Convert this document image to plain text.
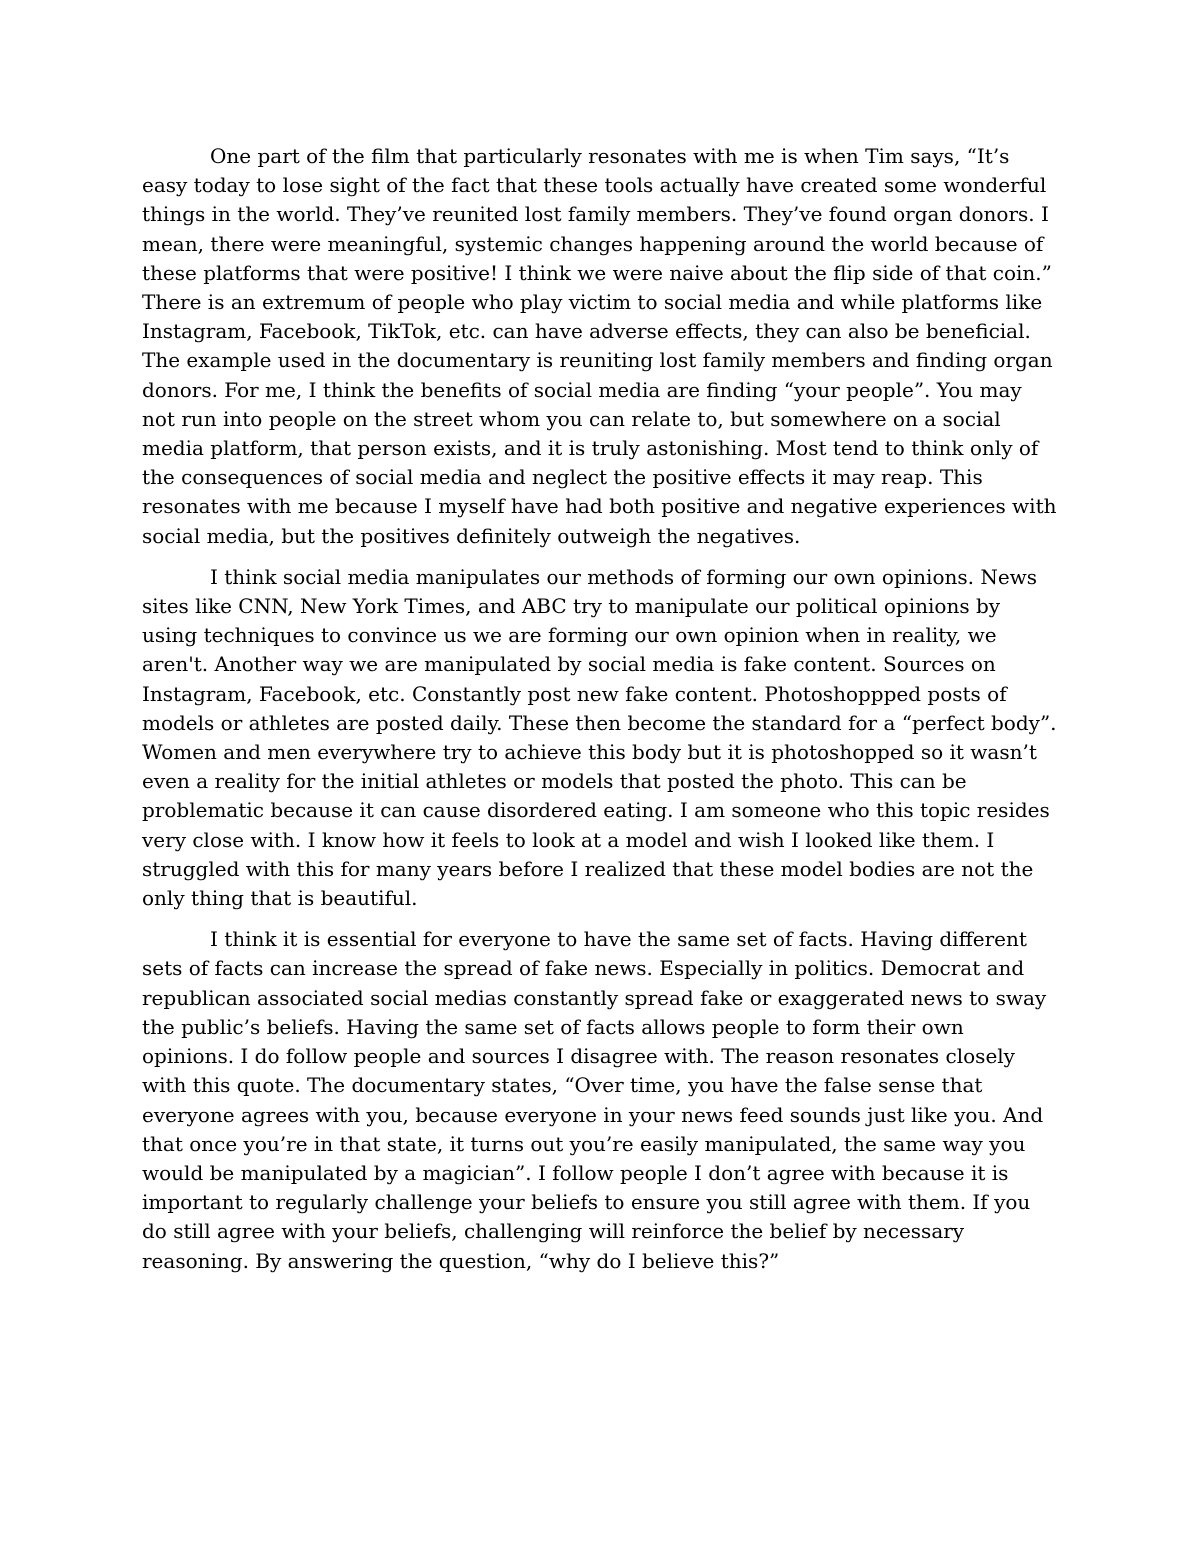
One part of the film that particularly resonates with me is when Tim says, “It’s easy today to lose sight of the fact that these tools actually have created some wonderful things in the world. They’ve reunited lost family members. They’ve found organ donors. I mean, there were meaningful, systemic changes happening around the world because of these platforms that were positive! I think we were naive about the flip side of that coin.” There is an extremum of people who play victim to social media and while platforms like Instagram, Facebook, TikTok, etc. can have adverse effects, they can also be beneficial. The example used in the documentary is reuniting lost family members and finding organ donors. For me, I think the benefits of social media are finding “your people”. You may not run into people on the street whom you can relate to, but somewhere on a social media platform, that person exists, and it is truly astonishing. Most tend to think only of the consequences of social media and neglect the positive effects it may reap. This resonates with me because I myself have had both positive and negative experiences with social media, but the positives definitely outweigh the negatives.

I think social media manipulates our methods of forming our own opinions. News sites like CNN, New York Times, and ABC try to manipulate our political opinions by using techniques to convince us we are forming our own opinion when in reality, we aren't. Another way we are manipulated by social media is fake content. Sources on Instagram, Facebook, etc. Constantly post new fake content. Photoshoppped posts of models or athletes are posted daily. These then become the standard for a “perfect body”. Women and men everywhere try to achieve this body but it is photoshopped so it wasn’t even a reality for the initial athletes or models that posted the photo. This can be problematic because it can cause disordered eating. I am someone who this topic resides very close with. I know how it feels to look at a model and wish I looked like them. I struggled with this for many years before I realized that these model bodies are not the only thing that is beautiful.

I think it is essential for everyone to have the same set of facts. Having different sets of facts can increase the spread of fake news. Especially in politics. Democrat and republican associated social medias constantly spread fake or exaggerated news to sway the public’s beliefs. Having the same set of facts allows people to form their own opinions. I do follow people and sources I disagree with. The reason resonates closely with this quote. The documentary states, “Over time, you have the false sense that everyone agrees with you, because everyone in your news feed sounds just like you. And that once you’re in that state, it turns out you’re easily manipulated, the same way you would be manipulated by a magician”. I follow people I don’t agree with because it is important to regularly challenge your beliefs to ensure you still agree with them. If you do still agree with your beliefs, challenging will reinforce the belief by necessary reasoning. By answering the question, “why do I believe this?”
